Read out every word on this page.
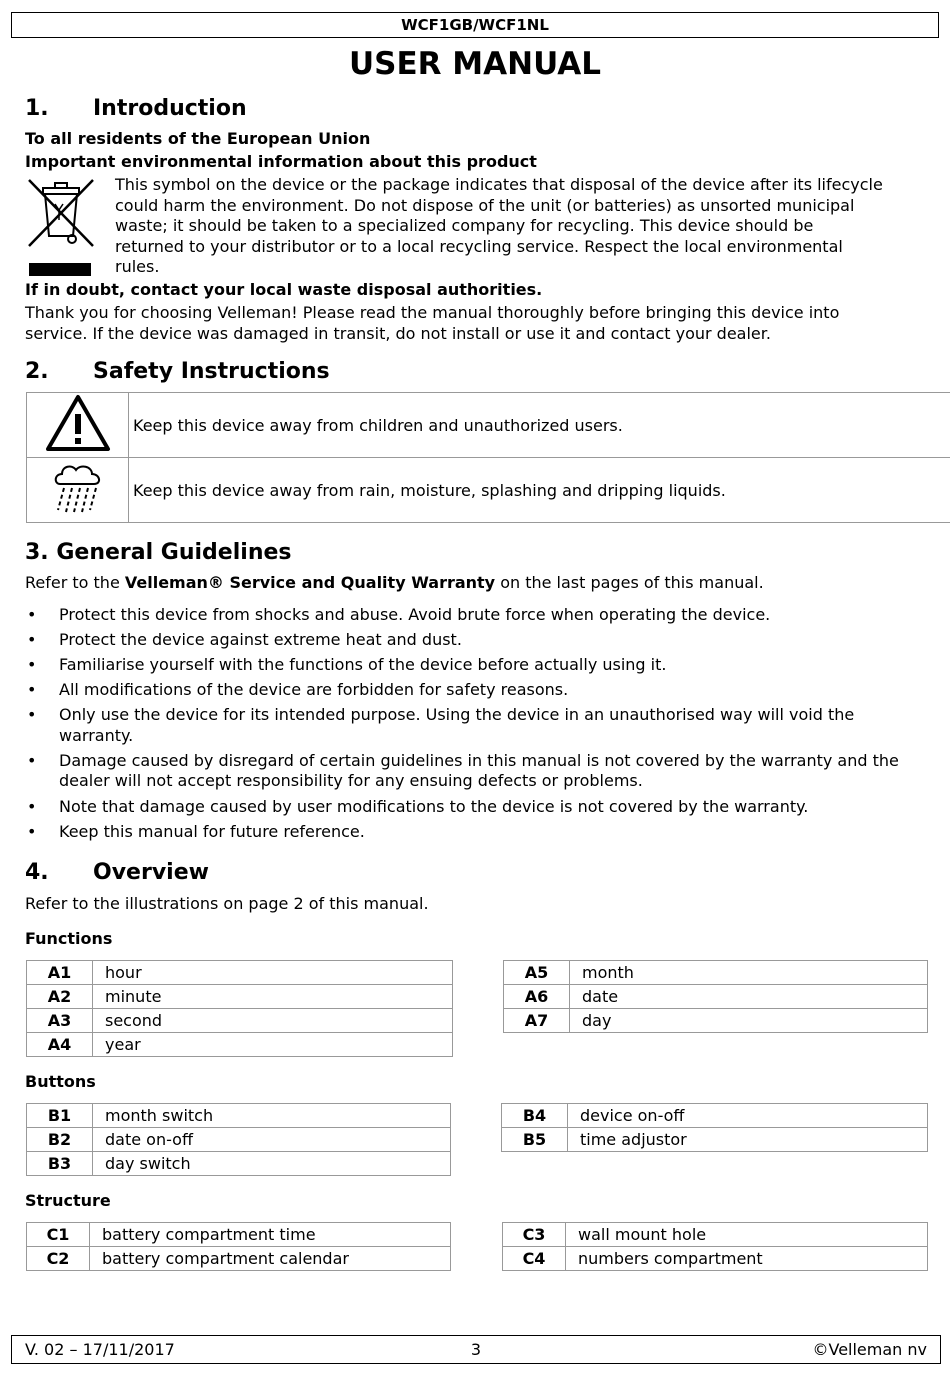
WCF1GB/WCF1NL
USER MANUAL
1. Introduction
To all residents of the European Union
Important environmental information about this product
This symbol on the device or the package indicates that disposal of the device after its lifecycle
could harm the environment. Do not dispose of the unit (or batteries) as unsorted municipal
waste; it should be taken to a specialized company for recycling. This device should be
returned to your distributor or to a local recycling service. Respect the local environmental
rules.
If in doubt, contact your local waste disposal authorities.
Thank you for choosing Velleman! Please read the manual thoroughly before bringing this device into
service. If the device was damaged in transit, do not install or use it and contact your dealer.
2. Safety Instructions
	Keep this device away from children and unauthorized users.
	Keep this device away from rain, moisture, splashing and dripping liquids.
3. General Guidelines
Refer to the Velleman® Service and Quality Warranty on the last pages of this manual.
• Protect this device from shocks and abuse. Avoid brute force when operating the device.
• Protect the device against extreme heat and dust.
• Familiarise yourself with the functions of the device before actually using it.
• All modifications of the device are forbidden for safety reasons.
• Only use the device for its intended purpose. Using the device in an unauthorised way will void the warranty.
• Damage caused by disregard of certain guidelines in this manual is not covered by the warranty and the dealer will not accept responsibility for any ensuing defects or problems.
• Note that damage caused by user modifications to the device is not covered by the warranty.
• Keep this manual for future reference.
4. Overview
Refer to the illustrations on page 2 of this manual.
Functions
A1	hour
A2	minute
A3	second
A4	year
A5	month
A6	date
A7	day
Buttons
B1	month switch
B2	date on-off
B3	day switch
B4	device on-off
B5	time adjustor
Structure
C1	battery compartment time
C2	battery compartment calendar
C3	wall mount hole
C4	numbers compartment
3
V. 02 – 17/11/2017	©Velleman nv
